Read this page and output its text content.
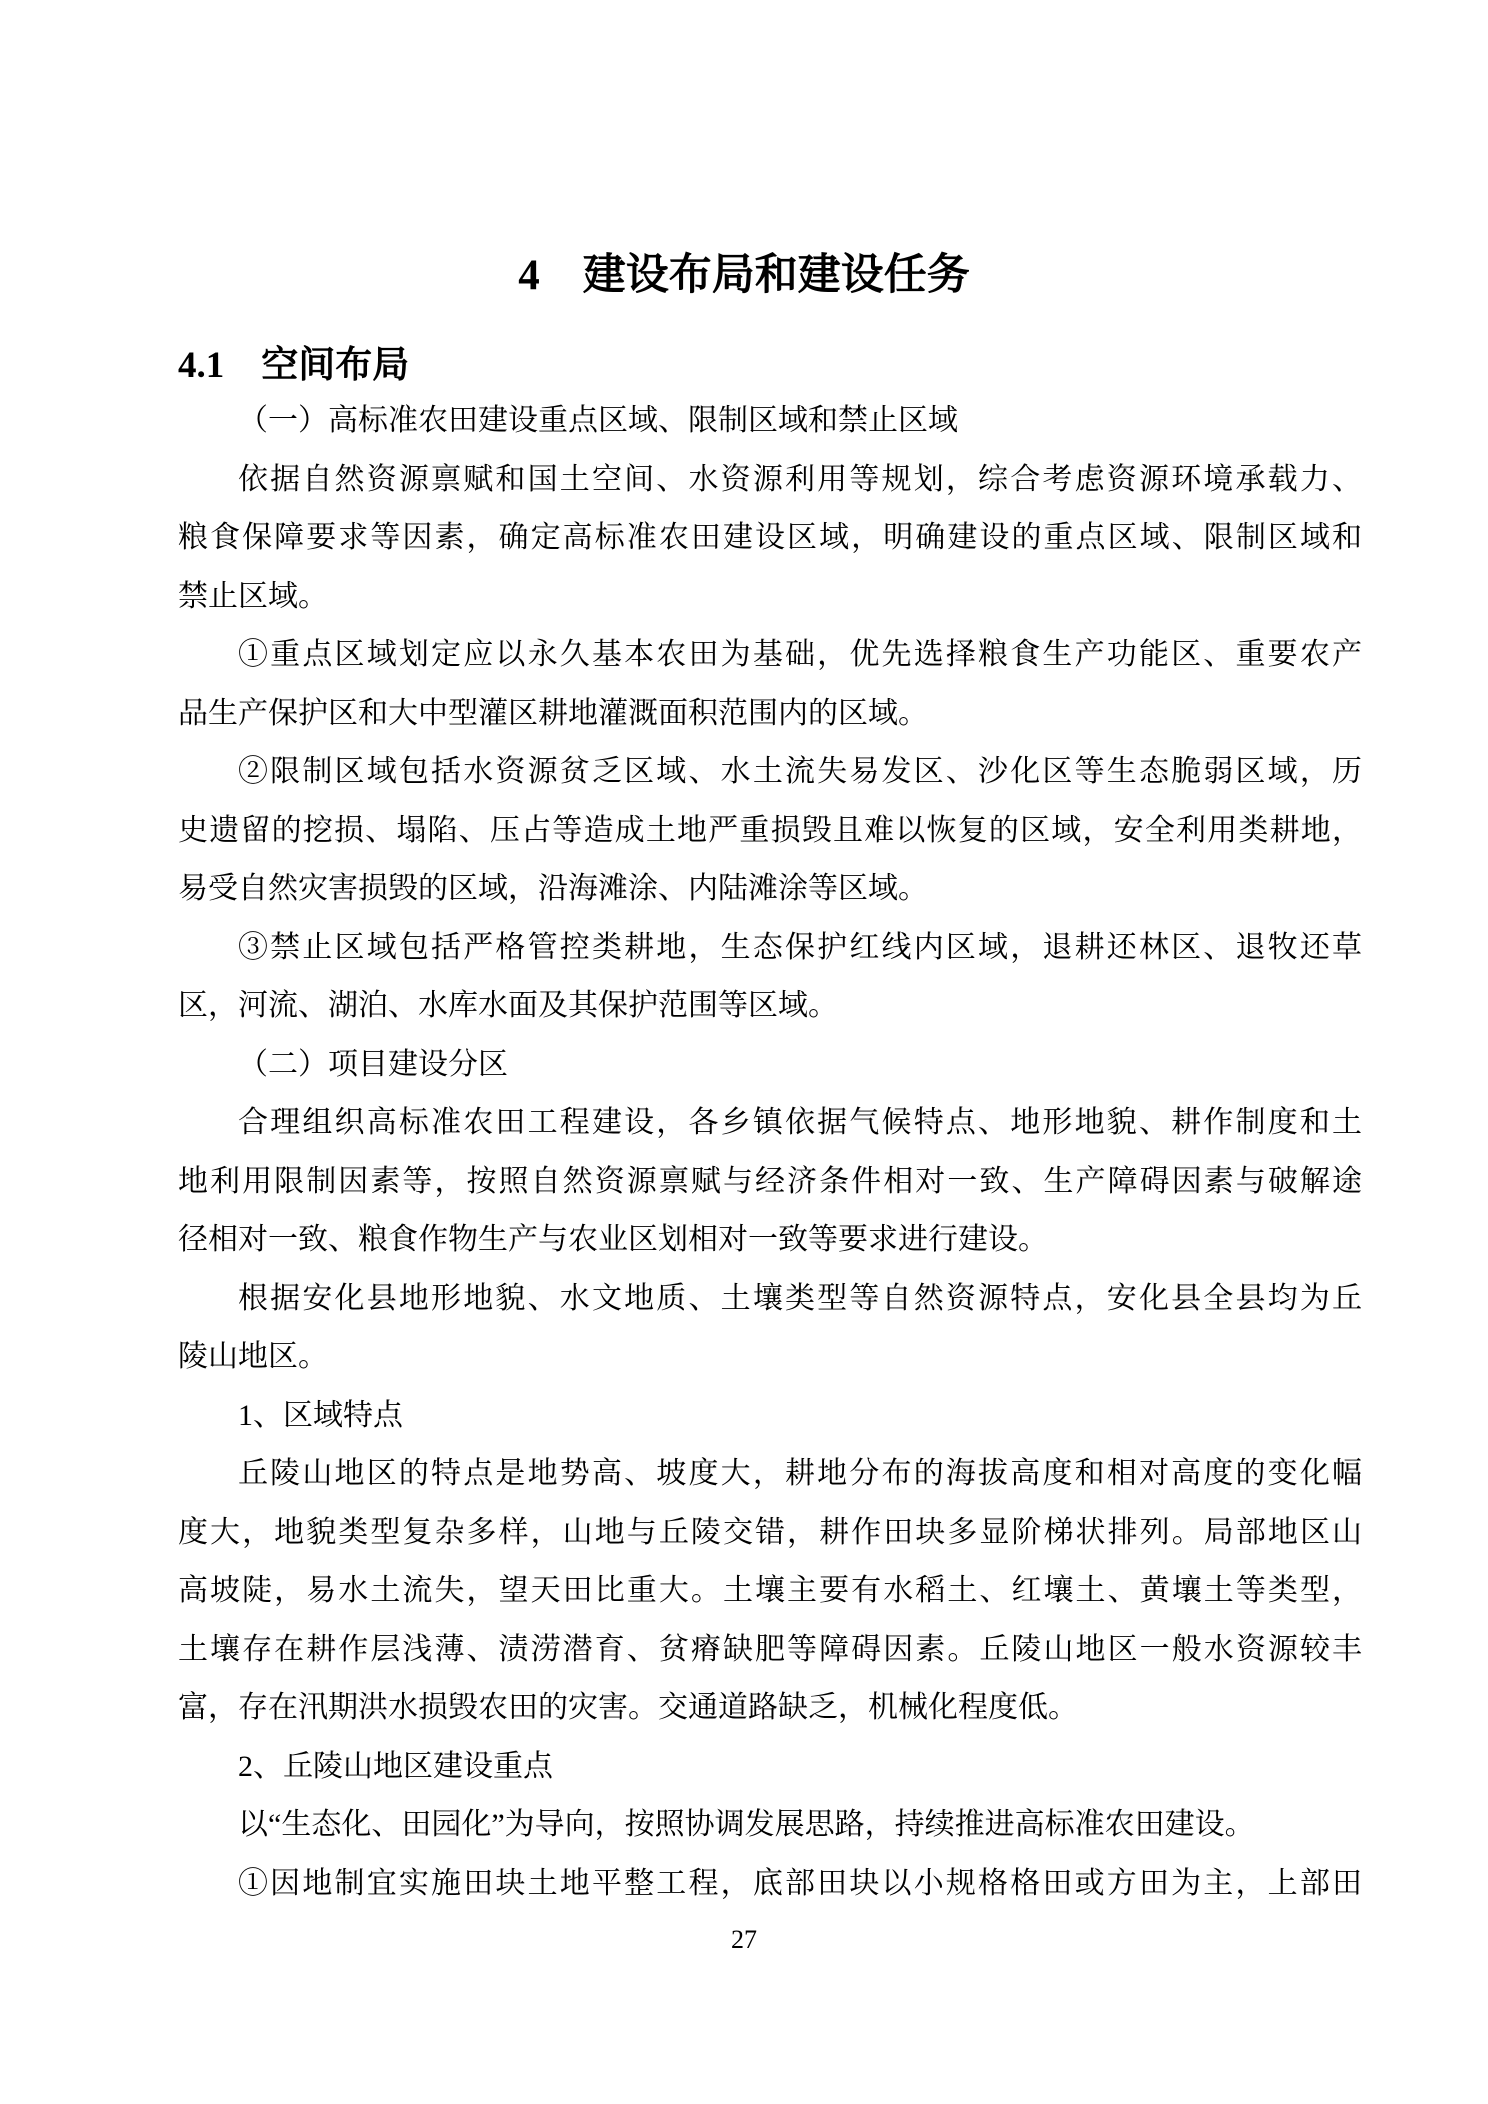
4　建设布局和建设任务
4.1　空间布局
（一）高标准农田建设重点区域、限制区域和禁止区域
依据自然资源禀赋和国土空间、水资源利用等规划，综合考虑资源环境承载力、
粮食保障要求等因素，确定高标准农田建设区域，明确建设的重点区域、限制区域和
禁止区域。
①重点区域划定应以永久基本农田为基础，优先选择粮食生产功能区、重要农产
品生产保护区和大中型灌区耕地灌溉面积范围内的区域。
②限制区域包括水资源贫乏区域、水土流失易发区、沙化区等生态脆弱区域，历
史遗留的挖损、塌陷、压占等造成土地严重损毁且难以恢复的区域，安全利用类耕地，
易受自然灾害损毁的区域，沿海滩涂、内陆滩涂等区域。
③禁止区域包括严格管控类耕地，生态保护红线内区域，退耕还林区、退牧还草
区，河流、湖泊、水库水面及其保护范围等区域。
（二）项目建设分区
合理组织高标准农田工程建设，各乡镇依据气候特点、地形地貌、耕作制度和土
地利用限制因素等，按照自然资源禀赋与经济条件相对一致、生产障碍因素与破解途
径相对一致、粮食作物生产与农业区划相对一致等要求进行建设。
根据安化县地形地貌、水文地质、土壤类型等自然资源特点，安化县全县均为丘
陵山地区。
1、区域特点
丘陵山地区的特点是地势高、坡度大，耕地分布的海拔高度和相对高度的变化幅
度大，地貌类型复杂多样，山地与丘陵交错，耕作田块多显阶梯状排列。局部地区山
高坡陡，易水土流失，望天田比重大。土壤主要有水稻土、红壤土、黄壤土等类型，
土壤存在耕作层浅薄、渍涝潜育、贫瘠缺肥等障碍因素。丘陵山地区一般水资源较丰
富，存在汛期洪水损毁农田的灾害。交通道路缺乏，机械化程度低。
2、丘陵山地区建设重点
以“生态化、田园化”为导向，按照协调发展思路，持续推进高标准农田建设。
①因地制宜实施田块土地平整工程，底部田块以小规格格田或方田为主，上部田
27
